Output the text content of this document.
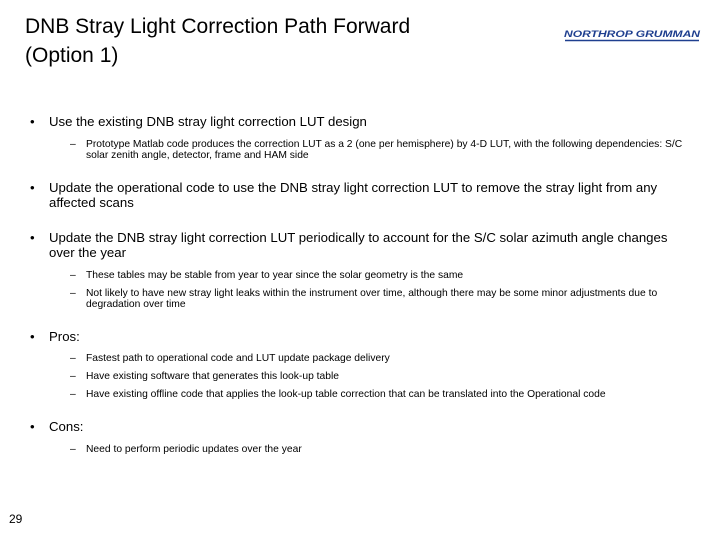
DNB Stray Light Correction Path Forward
(Option 1)
NORTHROP GRUMMAN
• Use the existing DNB stray light correction LUT design
– Prototype Matlab code produces the correction LUT as a 2 (one per hemisphere) by 4-D LUT, with the following dependencies: S/C solar zenith angle, detector, frame and HAM side
• Update the operational code to use the DNB stray light correction LUT to remove the stray light from any affected scans
• Update the DNB stray light correction LUT periodically to account for the S/C solar azimuth angle changes over the year
– These tables may be stable from year to year since the solar geometry is the same
– Not likely to have new stray light leaks within the instrument over time, although there may be some minor adjustments due to degradation over time
• Pros:
– Fastest path to operational code and LUT update package delivery
– Have existing software that generates this look-up table
– Have existing offline code that applies the look-up table correction that can be translated into the Operational code
• Cons:
– Need to perform periodic updates over the year
29
